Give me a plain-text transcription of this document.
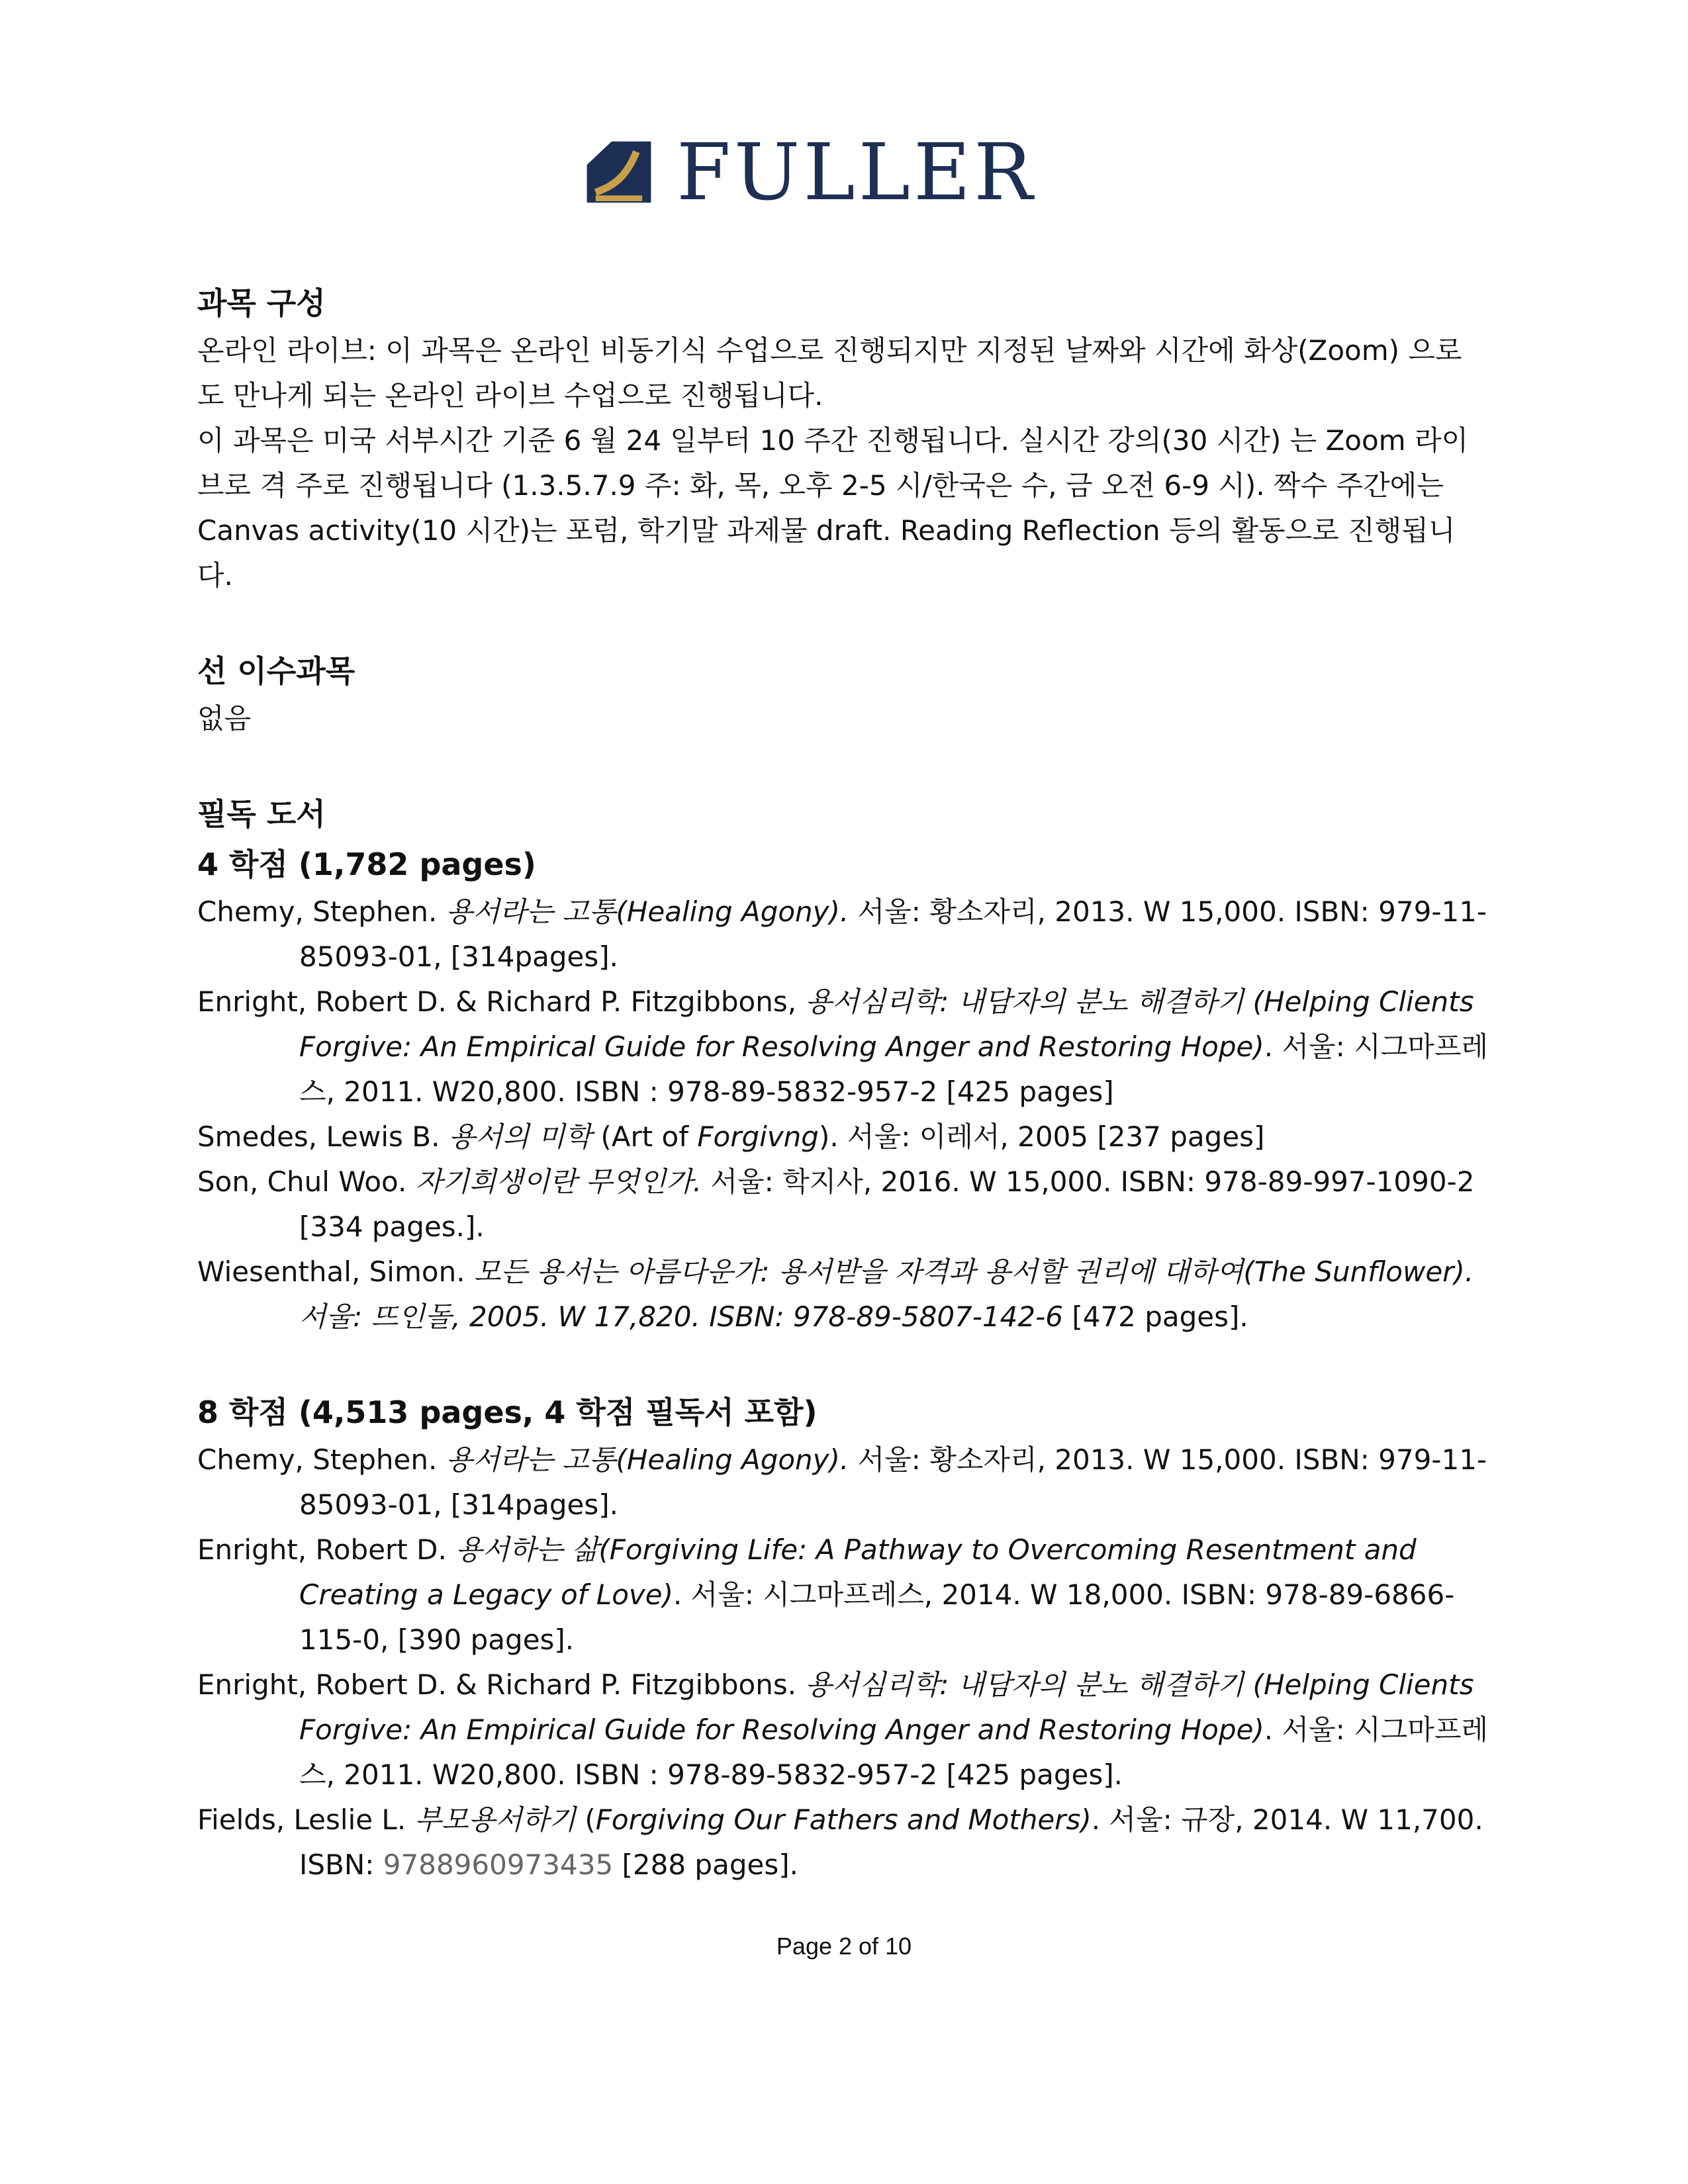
FULLER
과목 구성

온라인 라이브: 이 과목은 온라인 비동기식 수업으로 진행되지만 지정된 날짜와 시간에 화상(Zoom) 으로도 만나게 되는 온라인 라이브 수업으로 진행됩니다.

이 과목은 미국 서부시간 기준 6 월 24 일부터 10 주간 진행됩니다. 실시간 강의(30 시간) 는 Zoom 라이브로 격 주로 진행됩니다 (1.3.5.7.9 주: 화, 목, 오후 2-5 시/한국은 수, 금 오전 6-9 시). 짝수 주간에는 Canvas activity(10 시간)는 포럼, 학기말 과제물 draft. Reading Reflection 등의 활동으로 진행됩니다.

선 이수과목

없음

필독 도서
4 학점 (1,782 pages)

Chemy, Stephen. 용서라는 고통(Healing Agony). 서울: 황소자리, 2013. W 15,000. ISBN: 979-11-85093-01, [314pages].

Enright, Robert D. & Richard P. Fitzgibbons, 용서심리학: 내담자의 분노 해결하기 (Helping Clients Forgive: An Empirical Guide for Resolving Anger and Restoring Hope). 서울: 시그마프레스, 2011. W20,800. ISBN : 978-89-5832-957-2 [425 pages]

Smedes, Lewis B. 용서의 미학 (Art of Forgivng). 서울: 이레서, 2005 [237 pages]

Son, Chul Woo. 자기희생이란 무엇인가. 서울: 학지사, 2016. W 15,000. ISBN: 978-89-997-1090-2 [334 pages.].

Wiesenthal, Simon. 모든 용서는 아름다운가: 용서받을 자격과 용서할 권리에 대하여(The Sunflower). 서울: 뜨인돌, 2005. W 17,820. ISBN: 978-89-5807-142-6 [472 pages].

8 학점 (4,513 pages, 4 학점 필독서 포함)

Chemy, Stephen. 용서라는 고통(Healing Agony). 서울: 황소자리, 2013. W 15,000. ISBN: 979-11-85093-01, [314pages].

Enright, Robert D. 용서하는 삶(Forgiving Life: A Pathway to Overcoming Resentment and Creating a Legacy of Love). 서울: 시그마프레스, 2014. W 18,000. ISBN: 978-89-6866-115-0, [390 pages].

Enright, Robert D. & Richard P. Fitzgibbons. 용서심리학: 내담자의 분노 해결하기 (Helping Clients Forgive: An Empirical Guide for Resolving Anger and Restoring Hope). 서울: 시그마프레스, 2011. W20,800. ISBN : 978-89-5832-957-2 [425 pages].

Fields, Leslie L. 부모용서하기 (Forgiving Our Fathers and Mothers). 서울: 규장, 2014. W 11,700. ISBN: 9788960973435 [288 pages].

Page 2 of 10
